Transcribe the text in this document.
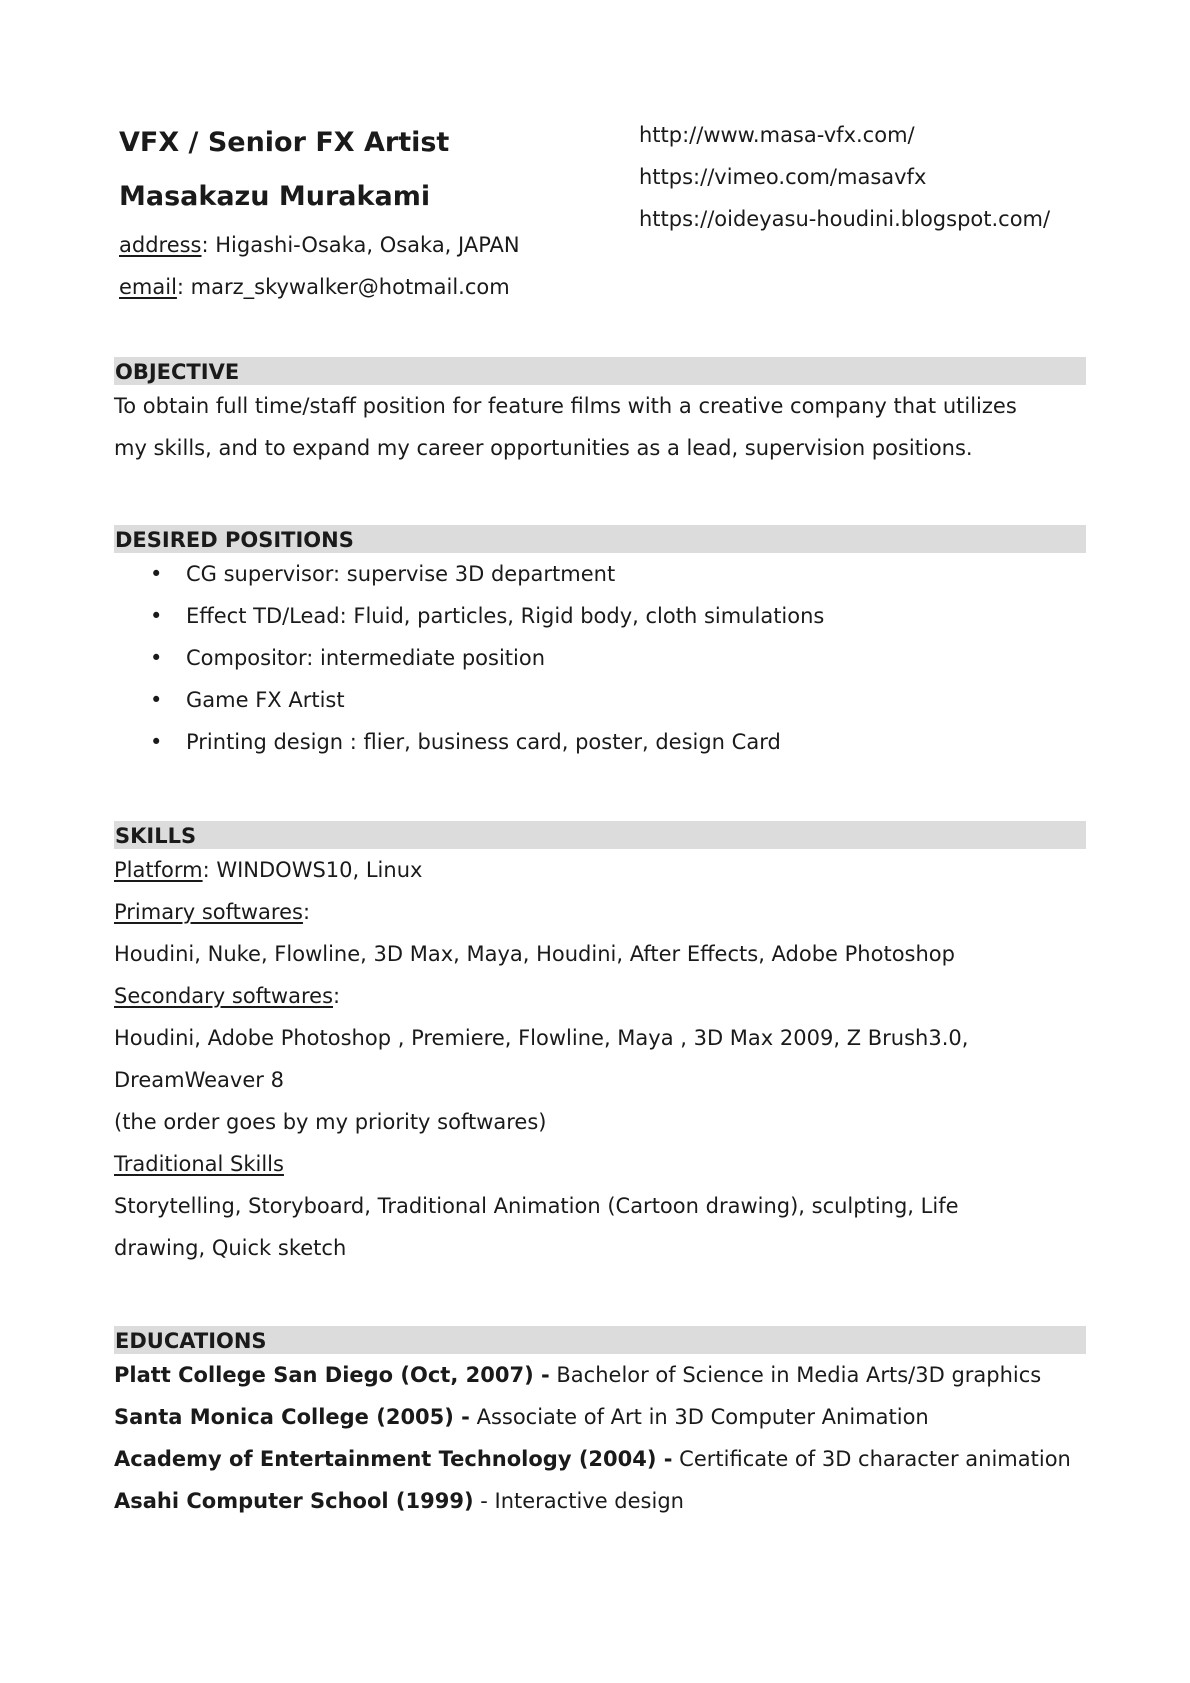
VFX / Senior FX Artist
Masakazu Murakami
address: Higashi-Osaka, Osaka, JAPAN
email: marz_skywalker@hotmail.com
http://www.masa-vfx.com/
https://vimeo.com/masavfx
https://oideyasu-houdini.blogspot.com/
OBJECTIVE
To obtain full time/staff position for feature films with a creative company that utilizes
my skills, and to expand my career opportunities as a lead, supervision positions.
DESIRED POSITIONS
• CG supervisor: supervise 3D department
• Effect TD/Lead: Fluid, particles, Rigid body, cloth simulations
• Compositor: intermediate position
• Game FX Artist
• Printing design : flier, business card, poster, design Card
SKILLS
Platform: WINDOWS10, Linux
Primary softwares:
Houdini, Nuke, Flowline, 3D Max, Maya, Houdini, After Effects, Adobe Photoshop
Secondary softwares:
Houdini, Adobe Photoshop , Premiere, Flowline, Maya , 3D Max 2009, Z Brush3.0,
DreamWeaver 8
(the order goes by my priority softwares)
Traditional Skills
Storytelling, Storyboard, Traditional Animation (Cartoon drawing), sculpting, Life
drawing, Quick sketch
EDUCATIONS
Platt College San Diego (Oct, 2007) - Bachelor of Science in Media Arts/3D graphics
Santa Monica College (2005) - Associate of Art in 3D Computer Animation
Academy of Entertainment Technology (2004) - Certificate of 3D character animation
Asahi Computer School (1999) - Interactive design
